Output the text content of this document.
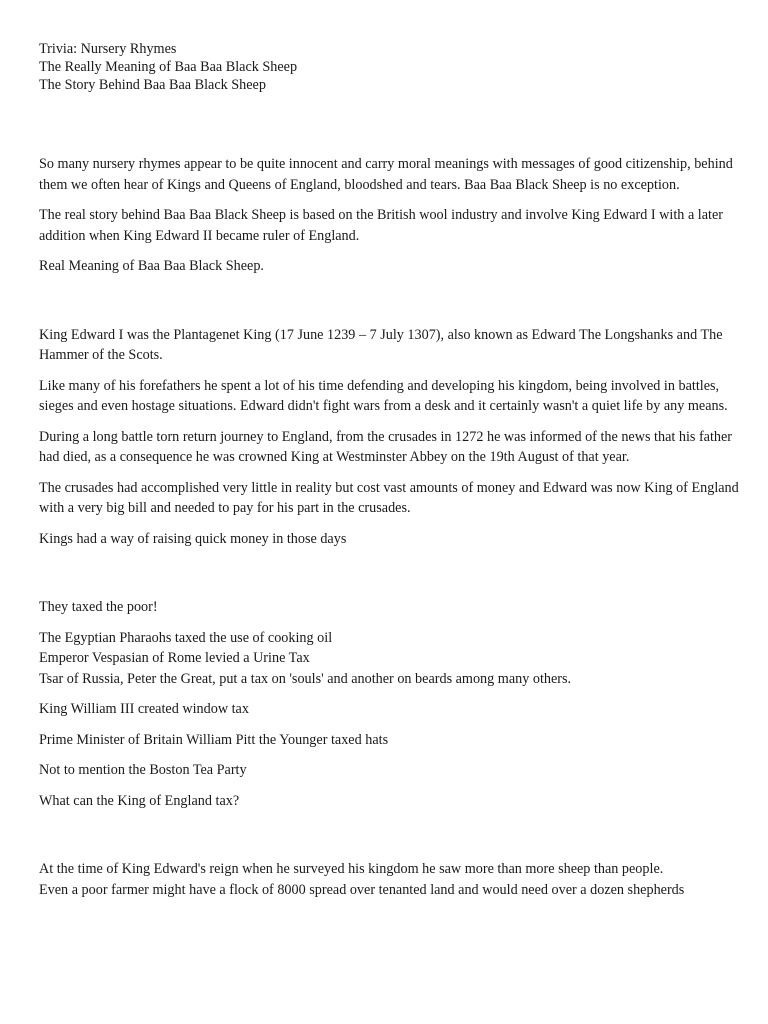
Trivia: Nursery Rhymes
The Really Meaning of Baa Baa Black Sheep
The Story Behind Baa Baa Black Sheep

So many nursery rhymes appear to be quite innocent and carry moral meanings with messages of good citizenship, behind them we often hear of Kings and Queens of England, bloodshed and tears. Baa Baa Black Sheep is no exception.

The real story behind Baa Baa Black Sheep is based on the British wool industry and involve King Edward I with a later addition when King Edward II became ruler of England.

Real Meaning of Baa Baa Black Sheep.

King Edward I was the Plantagenet King (17 June 1239 – 7 July 1307), also known as Edward The Longshanks and The Hammer of the Scots.

Like many of his forefathers he spent a lot of his time defending and developing his kingdom, being involved in battles, sieges and even hostage situations. Edward didn't fight wars from a desk and it certainly wasn't a quiet life by any means.

During a long battle torn return journey to England, from the crusades in 1272 he was informed of the news that his father had died, as a consequence he was crowned King at Westminster Abbey on the 19th August of that year.

The crusades had accomplished very little in reality but cost vast amounts of money and Edward was now King of England with a very big bill and needed to pay for his part in the crusades.

Kings had a way of raising quick money in those days

They taxed the poor!

The Egyptian Pharaohs taxed the use of cooking oil
Emperor Vespasian of Rome levied a Urine Tax
Tsar of Russia, Peter the Great, put a tax on 'souls' and another on beards among many others.

King William III created window tax

Prime Minister of Britain William Pitt the Younger taxed hats

Not to mention the Boston Tea Party

What can the King of England tax?

At the time of King Edward's reign when he surveyed his kingdom he saw more than more sheep than people.
Even a poor farmer might have a flock of 8000 spread over tenanted land and would need over a dozen shepherds
